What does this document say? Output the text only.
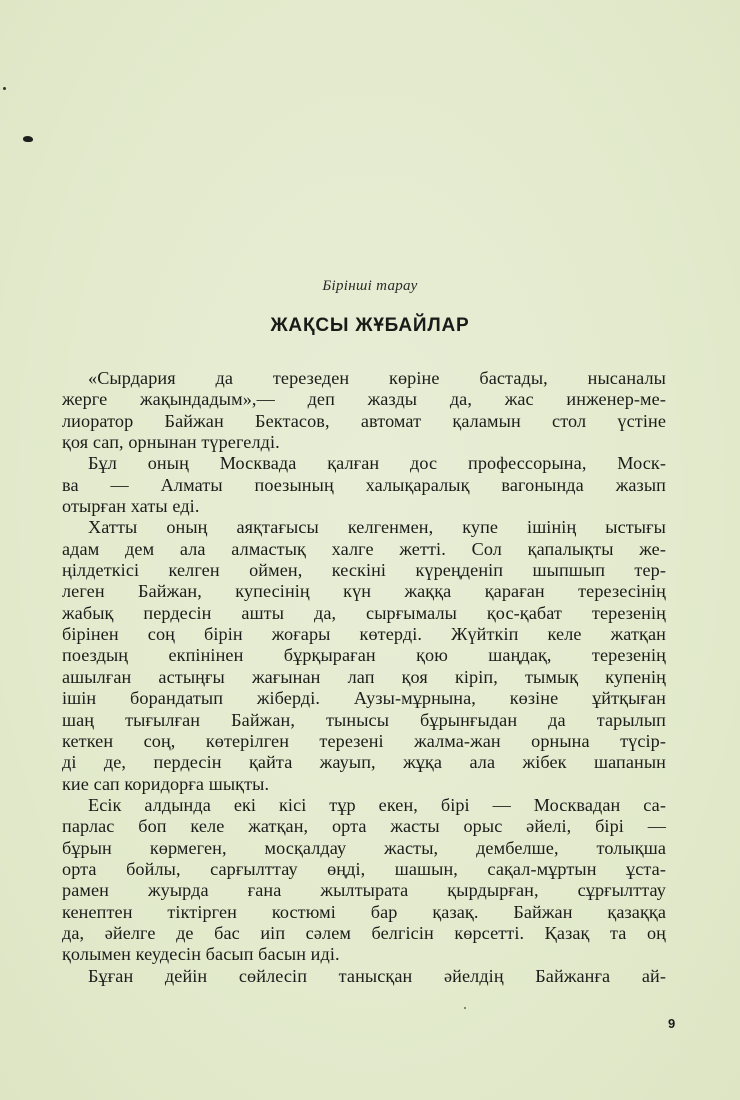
Бірінші тарау
ЖАҚСЫ ЖҰБАЙЛАР
«Сырдария да терезеден көріне бастады, нысаналы
жерге жақындадым»,— деп жазды да, жас инженер-ме-
лиоратор Байжан Бектасов, автомат қаламын стол үстіне
қоя сап, орнынан түрегелді.
Бұл оның Москвада қалған дос профессорына, Моск-
ва — Алматы поезының халықаралық вагонында жазып
отырған хаты еді.
Хатты оның аяқтағысы келгенмен, купе ішінің ыстығы
адам дем ала алмастық халге жетті. Сол қапалықты же-
ңілдеткісі келген оймен, кескіні күреңденіп шыпшып тер-
леген Байжан, купесінің күн жаққа қараған терезесінің
жабық пердесін ашты да, сырғымалы қос-қабат терезенің
бірінен соң бірін жоғары көтерді. Жүйткіп келе жатқан
поездың екпінінен бұрқыраған қою шаңдақ, терезенің
ашылған астыңғы жағынан лап қоя кіріп, тымық купенің
ішін борандатып жіберді. Аузы-мұрнына, көзіне ұйтқыған
шаң тығылған Байжан, тынысы бұрынғыдан да тарылып
кеткен соң, көтерілген терезені жалма-жан орнына түсір-
ді де, пердесін қайта жауып, жұқа ала жібек шапанын
кие сап коридорға шықты.
Есік алдында екі кісі тұр екен, бірі — Москвадан са-
парлас боп келе жатқан, орта жасты орыс әйелі, бірі —
бұрын көрмеген, мосқалдау жасты, дембелше, толықша
орта бойлы, сарғылттау өңді, шашын, сақал-мұртын ұста-
рамен жуырда ғана жылтырата қырдырған, сұрғылттау
кенептен тіктірген костюмі бар қазақ. Байжан қазаққа
да, әйелге де бас иіп сәлем белгісін көрсетті. Қазақ та оң
қолымен кеудесін басып басын иді.
Бұған дейін сөйлесіп танысқан әйелдің Байжанға ай-
9
